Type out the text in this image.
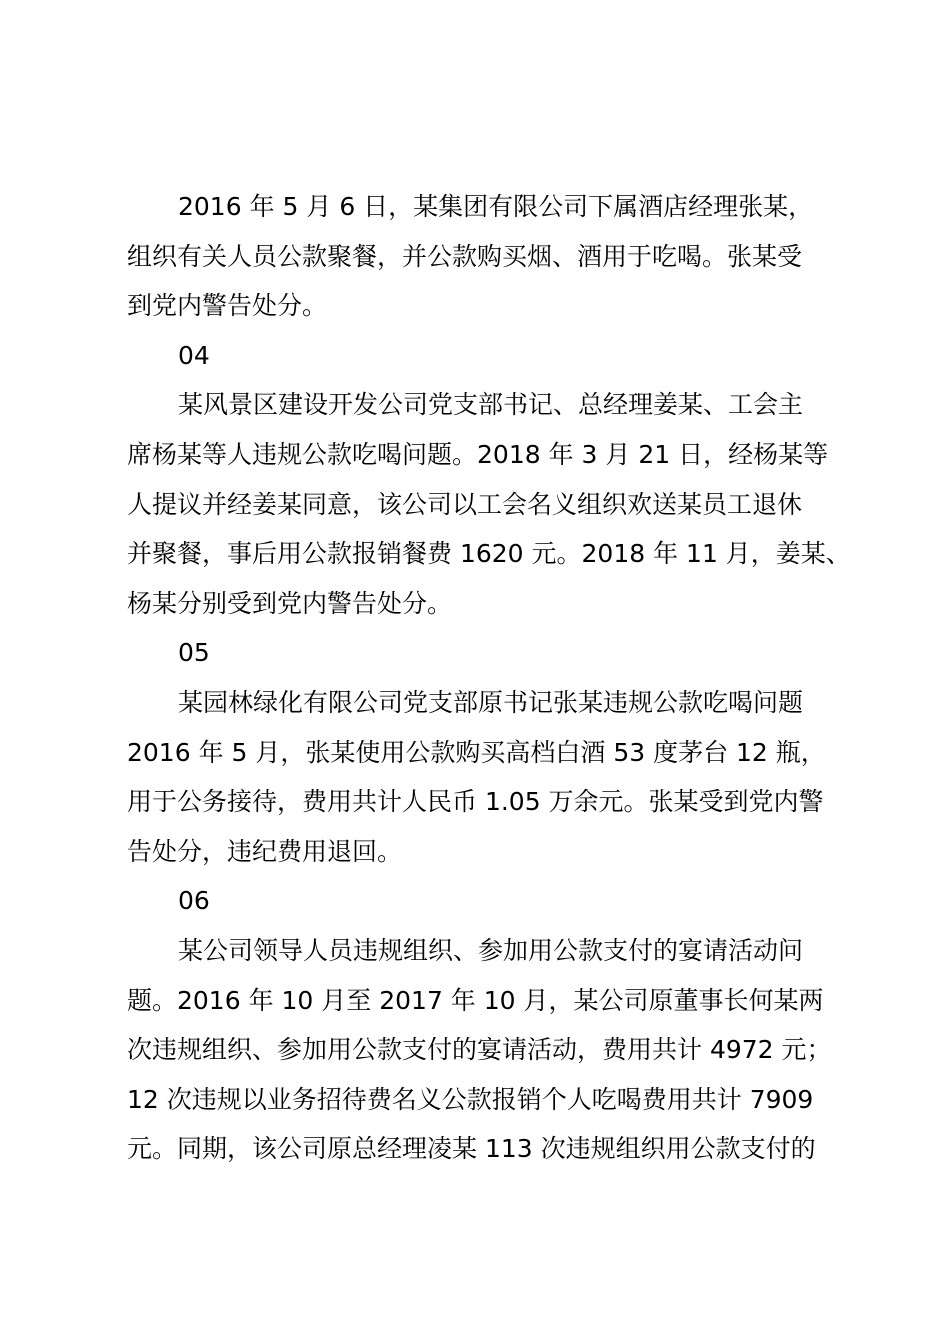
2016 年 5 月 6 日，某集团有限公司下属酒店经理张某，
组织有关人员公款聚餐，并公款购买烟、酒用于吃喝。张某受
到党内警告处分。
04
某风景区建设开发公司党支部书记、总经理姜某、工会主
席杨某等人违规公款吃喝问题。2018 年 3 月 21 日，经杨某等
人提议并经姜某同意，该公司以工会名义组织欢送某员工退休
并聚餐，事后用公款报销餐费 1620 元。2018 年 11 月，姜某、
杨某分别受到党内警告处分。
05
某园林绿化有限公司党支部原书记张某违规公款吃喝问题
2016 年 5 月，张某使用公款购买高档白酒 53 度茅台 12 瓶，
用于公务接待，费用共计人民币 1.05 万余元。张某受到党内警
告处分，违纪费用退回。
06
某公司领导人员违规组织、参加用公款支付的宴请活动问
题。2016 年 10 月至 2017 年 10 月，某公司原董事长何某两
次违规组织、参加用公款支付的宴请活动，费用共计 4972 元；
12 次违规以业务招待费名义公款报销个人吃喝费用共计 7909
元。同期，该公司原总经理凌某 113 次违规组织用公款支付的
